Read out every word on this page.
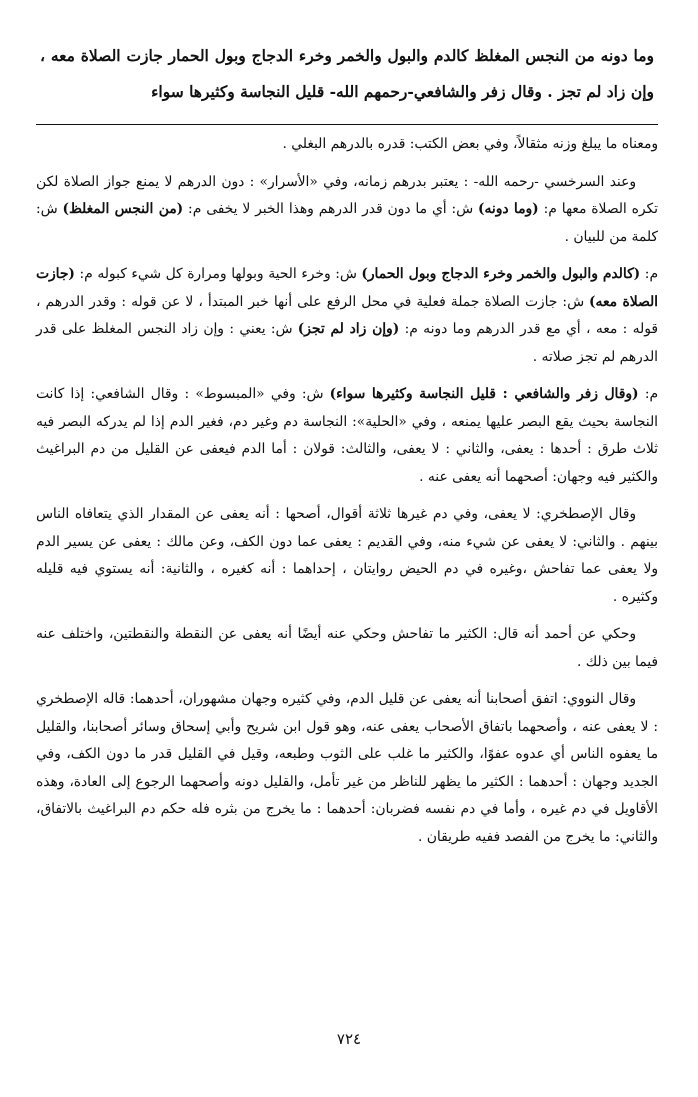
وما دونه من النجس المغلظ كالدم والبول والخمر وخرء الدجاج وبول الحمار جازت الصلاة معه ، وإن زاد لم تجز . وقال زفر والشافعي-رحمهم الله- قليل النجاسة وكثيرها سواء

ومعناه ما يبلغ وزنه مثقالاً، وفي بعض الكتب: قدره بالدرهم البغلي .

وعند السرخسي -رحمه الله- : يعتبر بدرهم زمانه، وفي «الأسرار» : دون الدرهم لا يمنع جواز الصلاة لكن تكره الصلاة معها م: (وما دونه) ش: أي ما دون قدر الدرهم وهذا الخبر لا يخفى م: (من النجس المغلظ) ش: كلمة من للبيان .

م: (كالدم والبول والخمر وخرء الدجاج وبول الحمار) ش: وخرء الحية وبولها ومرارة كل شيء كبوله م: (جازت الصلاة معه) ش: جازت الصلاة جملة فعلية في محل الرفع على أنها خبر المبتدأ ، لا عن قوله : وقدر الدرهم ، قوله : معه ، أي مع قدر الدرهم وما دونه م: (وإن زاد لم تجز) ش: يعني : وإن زاد النجس المغلظ على قدر الدرهم لم تجز صلاته .

م: (وقال زفر والشافعي : قليل النجاسة وكثيرها سواء) ش: وفي «المبسوط» : وقال الشافعي: إذا كانت النجاسة بحيث يقع البصر عليها يمنعه ، وفي «الحلية»: النجاسة دم وغير دم، فغير الدم إذا لم يدركه البصر فيه ثلاث طرق : أحدها : يعفى، والثاني : لا يعفى، والثالث: قولان : أما الدم فيعفى عن القليل من دم البراغيث والكثير فيه وجهان: أصحهما أنه يعفى عنه .

وقال الإصطخري: لا يعفى، وفي دم غيرها ثلاثة أقوال، أصحها : أنه يعفى عن المقدار الذي يتعافاه الناس بينهم . والثاني: لا يعفى عن شيء منه، وفي القديم : يعفى عما دون الكف، وعن مالك : يعفى عن يسير الدم ولا يعفى عما تفاحش ،وغيره في دم الحيض روايتان ، إحداهما : أنه كغيره ، والثانية: أنه يستوي فيه قليله وكثيره .

وحكي عن أحمد أنه قال: الكثير ما تفاحش وحكي عنه أيضًا أنه يعفى عن النقطة والنقطتين، واختلف عنه فيما بين ذلك .

وقال النووي: اتفق أصحابنا أنه يعفى عن قليل الدم، وفي كثيره وجهان مشهوران، أحدهما: قاله الإصطخري : لا يعفى عنه ، وأصحهما باتفاق الأصحاب يعفى عنه، وهو قول ابن شريح وأبي إسحاق وسائر أصحابنا، والقليل ما يعفوه الناس أي عدوه عفوًا، والكثير ما غلب على الثوب وطبعه، وقيل في القليل قدر ما دون الكف، وفي الجديد وجهان : أحدهما : الكثير ما يظهر للناظر من غير تأمل، والقليل دونه وأصحهما الرجوع إلى العادة، وهذه الأقاويل في دم غيره ، وأما في دم نفسه فضربان: أحدهما : ما يخرج من بثره فله حكم دم البراغيث بالاتفاق، والثاني: ما يخرج من الفصد ففيه طريقان .

٧٢٤
